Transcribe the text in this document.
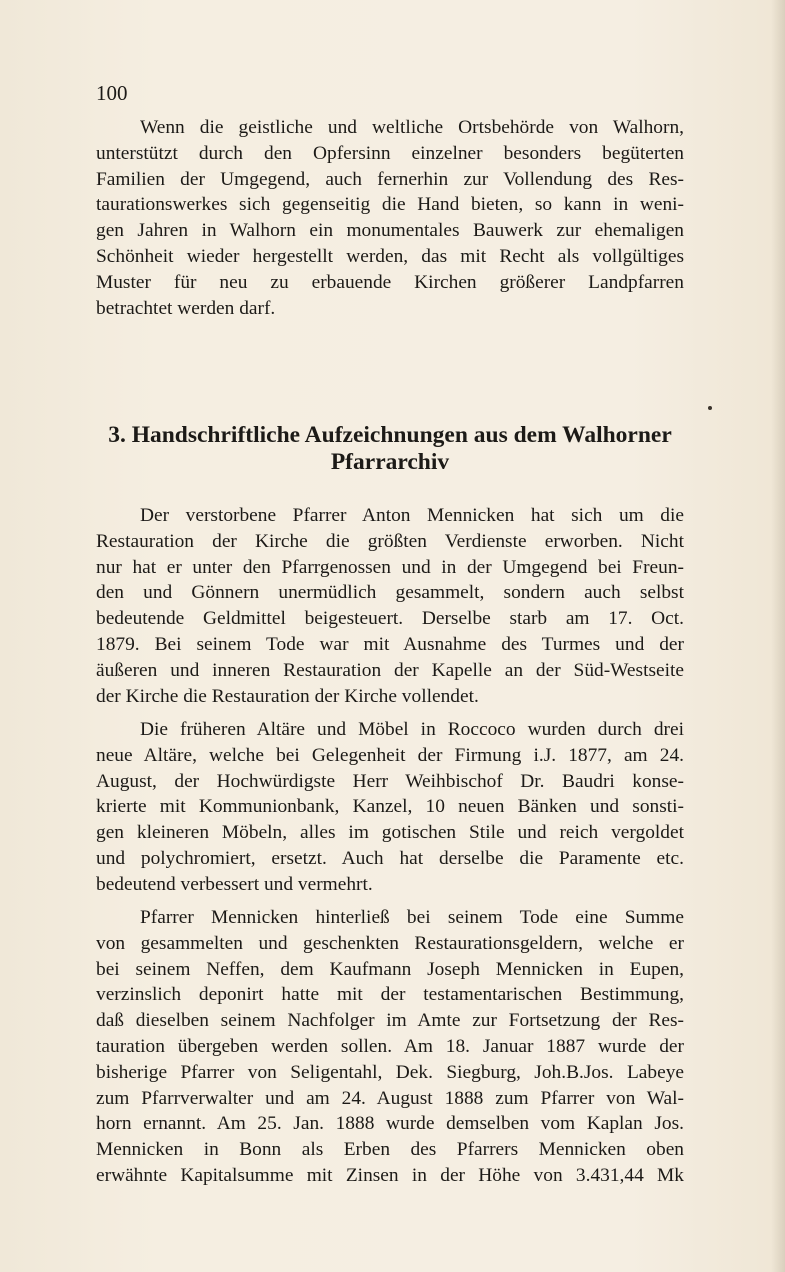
100
Wenn die geistliche und weltliche Ortsbehörde von Walhorn,
unterstützt durch den Opfersinn einzelner besonders begüterten
Familien der Umgegend, auch fernerhin zur Vollendung des Res-
taurationswerkes sich gegenseitig die Hand bieten, so kann in weni-
gen Jahren in Walhorn ein monumentales Bauwerk zur ehemaligen
Schönheit wieder hergestellt werden, das mit Recht als vollgültiges
Muster für neu zu erbauende Kirchen größerer Landpfarren
betrachtet werden darf.
3. Handschriftliche Aufzeichnungen aus dem Walhorner
Pfarrarchiv
Der verstorbene Pfarrer Anton Mennicken hat sich um die
Restauration der Kirche die größten Verdienste erworben. Nicht
nur hat er unter den Pfarrgenossen und in der Umgegend bei Freun-
den und Gönnern unermüdlich gesammelt, sondern auch selbst
bedeutende Geldmittel beigesteuert. Derselbe starb am 17. Oct.
1879. Bei seinem Tode war mit Ausnahme des Turmes und der
äußeren und inneren Restauration der Kapelle an der Süd-Westseite
der Kirche die Restauration der Kirche vollendet.
Die früheren Altäre und Möbel in Roccoco wurden durch drei
neue Altäre, welche bei Gelegenheit der Firmung i.J. 1877, am 24.
August, der Hochwürdigste Herr Weihbischof Dr. Baudri konse-
krierte mit Kommunionbank, Kanzel, 10 neuen Bänken und sonsti-
gen kleineren Möbeln, alles im gotischen Stile und reich vergoldet
und polychromiert, ersetzt. Auch hat derselbe die Paramente etc.
bedeutend verbessert und vermehrt.
Pfarrer Mennicken hinterließ bei seinem Tode eine Summe
von gesammelten und geschenkten Restaurationsgeldern, welche er
bei seinem Neffen, dem Kaufmann Joseph Mennicken in Eupen,
verzinslich deponirt hatte mit der testamentarischen Bestimmung,
daß dieselben seinem Nachfolger im Amte zur Fortsetzung der Res-
tauration übergeben werden sollen. Am 18. Januar 1887 wurde der
bisherige Pfarrer von Seligentahl, Dek. Siegburg, Joh.B.Jos. Labeye
zum Pfarrverwalter und am 24. August 1888 zum Pfarrer von Wal-
horn ernannt. Am 25. Jan. 1888 wurde demselben vom Kaplan Jos.
Mennicken in Bonn als Erben des Pfarrers Mennicken oben
erwähnte Kapitalsumme mit Zinsen in der Höhe von 3.431,44 Mk
